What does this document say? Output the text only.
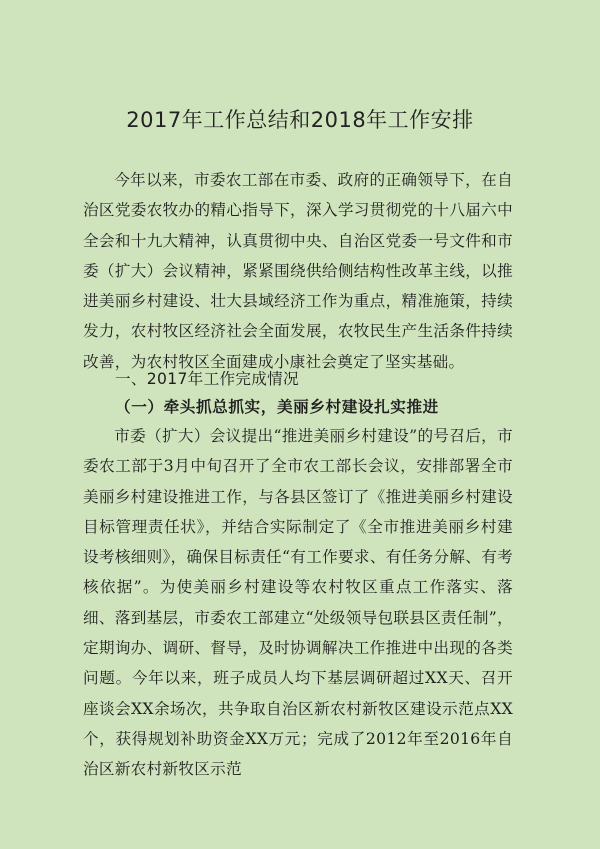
2017年工作总结和2018年工作安排
今年以来，市委农工部在市委、政府的正确领导下，在自治区党委农牧办的精心指导下，深入学习贯彻党的十八届六中全会和十九大精神，认真贯彻中央、自治区党委一号文件和市委（扩大）会议精神，紧紧围绕供给侧结构性改革主线，以推进美丽乡村建设、壮大县域经济工作为重点，精准施策，持续发力，农村牧区经济社会全面发展，农牧民生产生活条件持续改善，为农村牧区全面建成小康社会奠定了坚实基础。
一、2017年工作完成情况
（一）牵头抓总抓实，美丽乡村建设扎实推进
市委（扩大）会议提出“推进美丽乡村建设”的号召后，市委农工部于3月中旬召开了全市农工部长会议，安排部署全市美丽乡村建设推进工作，与各县区签订了《推进美丽乡村建设目标管理责任状》，并结合实际制定了《全市推进美丽乡村建设考核细则》，确保目标责任“有工作要求、有任务分解、有考核依据”。为使美丽乡村建设等农村牧区重点工作落实、落细、落到基层，市委农工部建立“处级领导包联县区责任制”，定期询办、调研、督导，及时协调解决工作推进中出现的各类问题。今年以来，班子成员人均下基层调研超过XX天、召开座谈会XX余场次，共争取自治区新农村新牧区建设示范点XX个，获得规划补助资金XX万元；完成了2012年至2016年自治区新农村新牧区示范
